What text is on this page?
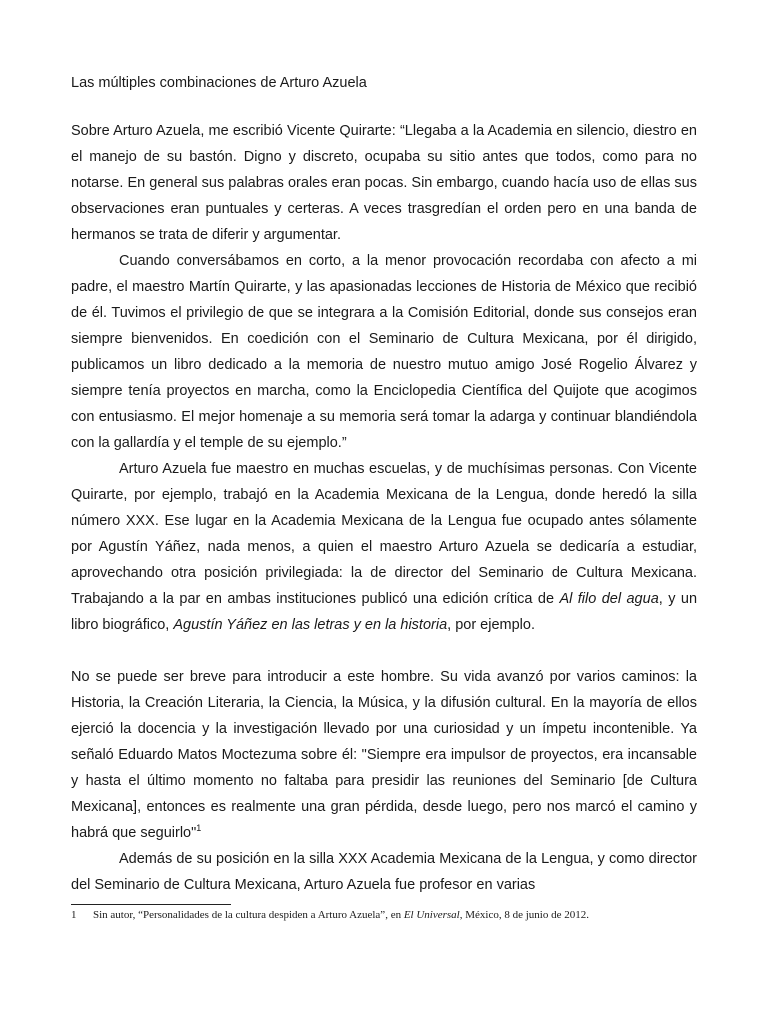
Las múltiples combinaciones de Arturo Azuela

Sobre Arturo Azuela, me escribió Vicente Quirarte: “Llegaba a la Academia en silencio, diestro en el manejo de su bastón. Digno y discreto, ocupaba su sitio antes que todos, como para no notarse. En general sus palabras orales eran pocas. Sin embargo, cuando hacía uso de ellas sus observaciones eran puntuales y certeras. A veces trasgredían el orden pero en una banda de hermanos se trata de diferir y argumentar.

Cuando conversábamos en corto, a la menor provocación recordaba con afecto a mi padre, el maestro Martín Quirarte, y las apasionadas lecciones de Historia de México que recibió de él. Tuvimos el privilegio de que se integrara a la Comisión Editorial, donde sus consejos eran siempre bienvenidos. En coedición con el Seminario de Cultura Mexicana, por él dirigido, publicamos un libro dedicado a la memoria de nuestro mutuo amigo José Rogelio Álvarez y siempre tenía proyectos en marcha, como la Enciclopedia Científica del Quijote que acogimos con entusiasmo. El mejor homenaje a su memoria será tomar la adarga y continuar blandiéndola con la gallardía y el temple de su ejemplo.”

Arturo Azuela fue maestro en muchas escuelas, y de muchísimas personas. Con Vicente Quirarte, por ejemplo, trabajó en la Academia Mexicana de la Lengua, donde heredó la silla número XXX. Ese lugar en la Academia Mexicana de la Lengua fue ocupado antes sólamente por Agustín Yáñez, nada menos, a quien el maestro Arturo Azuela se dedicaría a estudiar, aprovechando otra posición privilegiada: la de director del Seminario de Cultura Mexicana. Trabajando a la par en ambas instituciones publicó una edición crítica de Al filo del agua, y un libro biográfico, Agustín Yáñez en las letras y en la historia, por ejemplo.

No se puede ser breve para introducir a este hombre. Su vida avanzó por varios caminos: la Historia, la Creación Literaria, la Ciencia, la Música, y la difusión cultural. En la mayoría de ellos ejerció la docencia y la investigación llevado por una curiosidad y un ímpetu incontenible. Ya señaló Eduardo Matos Moctezuma sobre él: "Siempre era impulsor de proyectos, era incansable y hasta el último momento no faltaba para presidir las reuniones del Seminario [de Cultura Mexicana], entonces es realmente una gran pérdida, desde luego, pero nos marcó el camino y habrá que seguirlo"$^1$

Además de su posición en la silla XXX Academia Mexicana de la Lengua, y como director del Seminario de Cultura Mexicana, Arturo Azuela fue profesor en varias

1 Sin autor, “Personalidades de la cultura despiden a Arturo Azuela”, en El Universal, México, 8 de junio de 2012.
